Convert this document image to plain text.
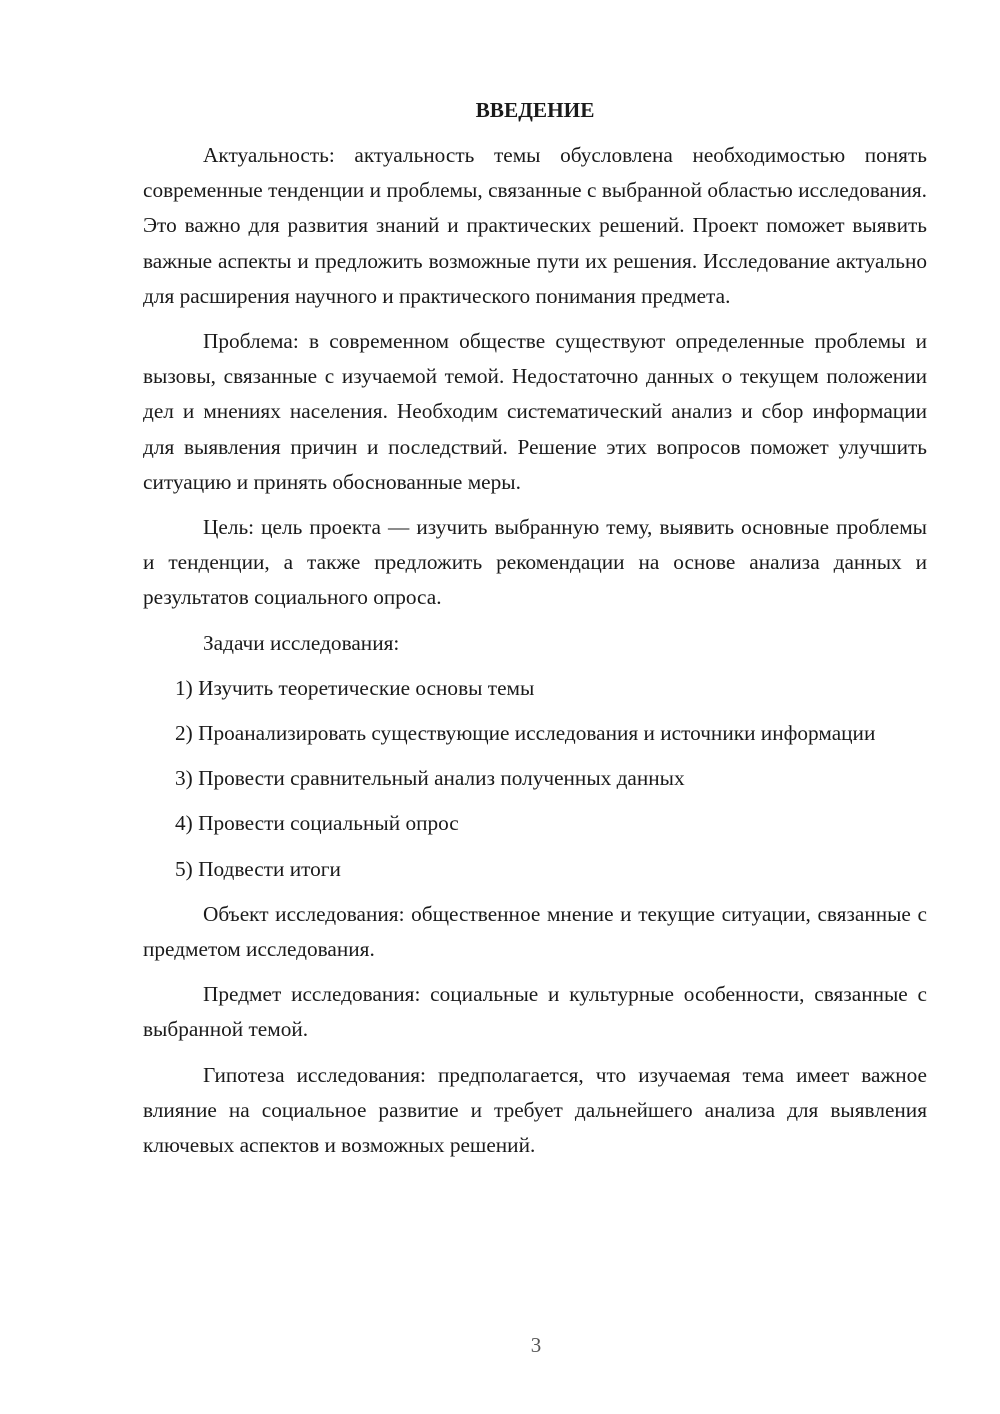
ВВЕДЕНИЕ

Актуальность: актуальность темы обусловлена необходимостью понять современные тенденции и проблемы, связанные с выбранной областью исследования. Это важно для развития знаний и практических решений. Проект поможет выявить важные аспекты и предложить возможные пути их решения. Исследование актуально для расширения научного и практического понимания предмета.

Проблема: в современном обществе существуют определенные проблемы и вызовы, связанные с изучаемой темой. Недостаточно данных о текущем положении дел и мнениях населения. Необходим систематический анализ и сбор информации для выявления причин и последствий. Решение этих вопросов поможет улучшить ситуацию и принять обоснованные меры.

Цель: цель проекта — изучить выбранную тему, выявить основные проблемы и тенденции, а также предложить рекомендации на основе анализа данных и результатов социального опроса.

Задачи исследования:

1) Изучить теоретические основы темы

2) Проанализировать существующие исследования и источники информации

3) Провести сравнительный анализ полученных данных

4) Провести социальный опрос

5) Подвести итоги

Объект исследования: общественное мнение и текущие ситуации, связанные с предметом исследования.

Предмет исследования: социальные и культурные особенности, связанные с выбранной темой.

Гипотеза исследования: предполагается, что изучаемая тема имеет важное влияние на социальное развитие и требует дальнейшего анализа для выявления ключевых аспектов и возможных решений.

3
